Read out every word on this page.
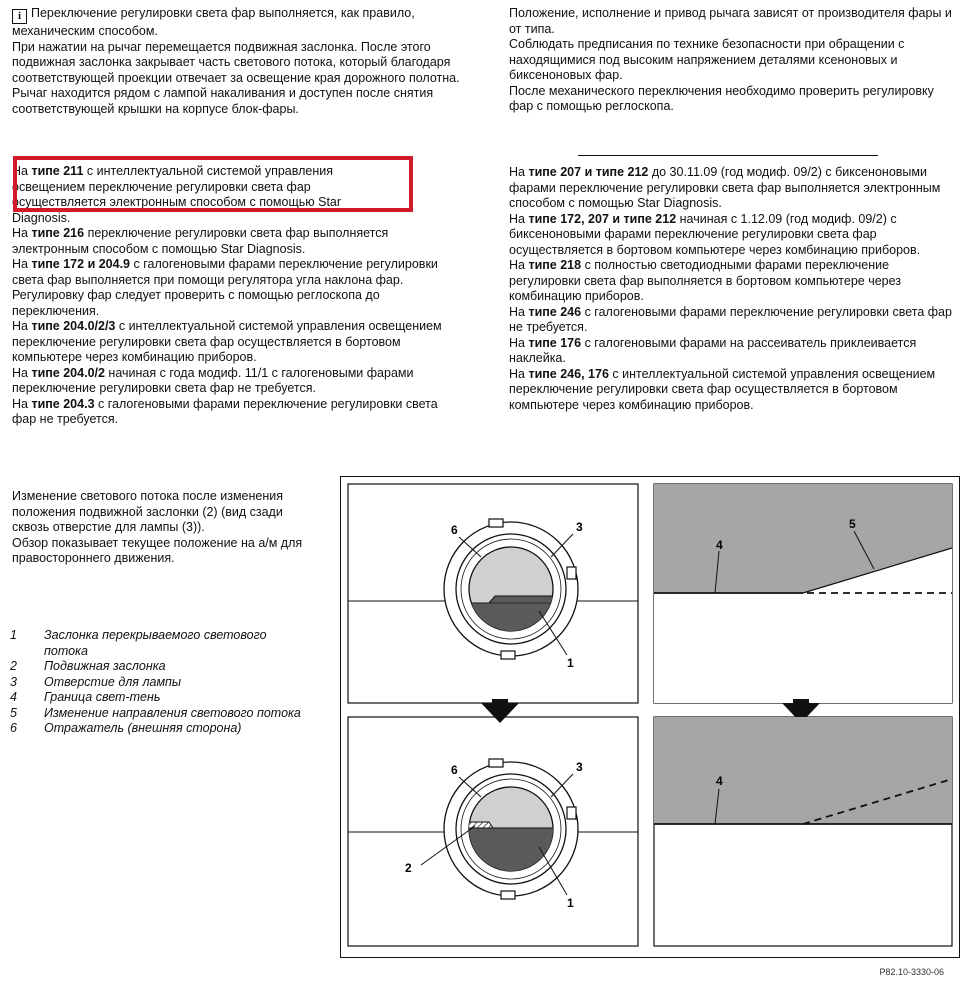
i Переключение регулировки света фар выполняется, как правило, механическим способом.

При нажатии на рычаг перемещается подвижная заслонка. После этого подвижная заслонка закрывает часть светового потока, который благодаря соответствующей проекции отвечает за освещение края дорожного полотна.

Рычаг находится рядом с лампой накаливания и доступен после снятия соответствующей крышки на корпусе блок-фары.

На типе 211 с интеллектуальной системой управления освещением переключение регулировки света фар осуществляется электронным способом с помощью Star Diagnosis.

На типе 216 переключение регулировки света фар выполняется электронным способом с помощью Star Diagnosis.

На типе 172 и 204.9 с галогеновыми фарами переключение регулировки света фар выполняется при помощи регулятора угла наклона фар. Регулировку фар следует проверить с помощью реглоскопа до переключения.

На типе 204.0/2/3 с интеллектуальной системой управления освещением переключение регулировки света фар осуществляется в бортовом компьютере через комбинацию приборов.

На типе 204.0/2 начиная с года модиф. 11/1 с галогеновыми фарами переключение регулировки света фар не требуется.

На типе 204.3 с галогеновыми фарами переключение регулировки света фар не требуется.

Положение, исполнение и привод рычага зависят от производителя фары и от типа.

Соблюдать предписания по технике безопасности при обращении с находящимися под высоким напряжением деталями ксеноновых и биксеноновых фар.

После механического переключения необходимо проверить регулировку фар с помощью реглоскопа.

На типе 207 и типе 212 до 30.11.09 (год модиф. 09/2) с биксеноновыми фарами переключение регулировки света фар выполняется электронным способом с помощью Star Diagnosis.

На типе 172, 207 и типе 212 начиная с 1.12.09 (год модиф. 09/2) с биксеноновыми фарами переключение регулировки света фар осуществляется в бортовом компьютере через комбинацию приборов.

На типе 218 с полностью светодиодными фарами переключение регулировки света фар выполняется в бортовом компьютере через комбинацию приборов.

На типе 246 с галогеновыми фарами переключение регулировки света фар не требуется.

На типе 176 с галогеновыми фарами на рассеиватель приклеивается наклейка.

На типе 246, 176 с интеллектуальной системой управления освещением переключение регулировки света фар осуществляется в бортовом компьютере через комбинацию приборов.

Изменение светового потока после изменения положения подвижной заслонки (2) (вид сзади сквозь отверстие для лампы (3)).

Обзор показывает текущее положение на а/м для правостороннего движения.

1	Заслонка перекрываемого светового потока
2	Подвижная заслонка
3	Отверстие для лампы
4	Граница свет-тень
5	Изменение направления светового потока
6	Отражатель (внешняя сторона)
6	3
1
4
5
6	3
2
1
4
P82.10-3330-06
